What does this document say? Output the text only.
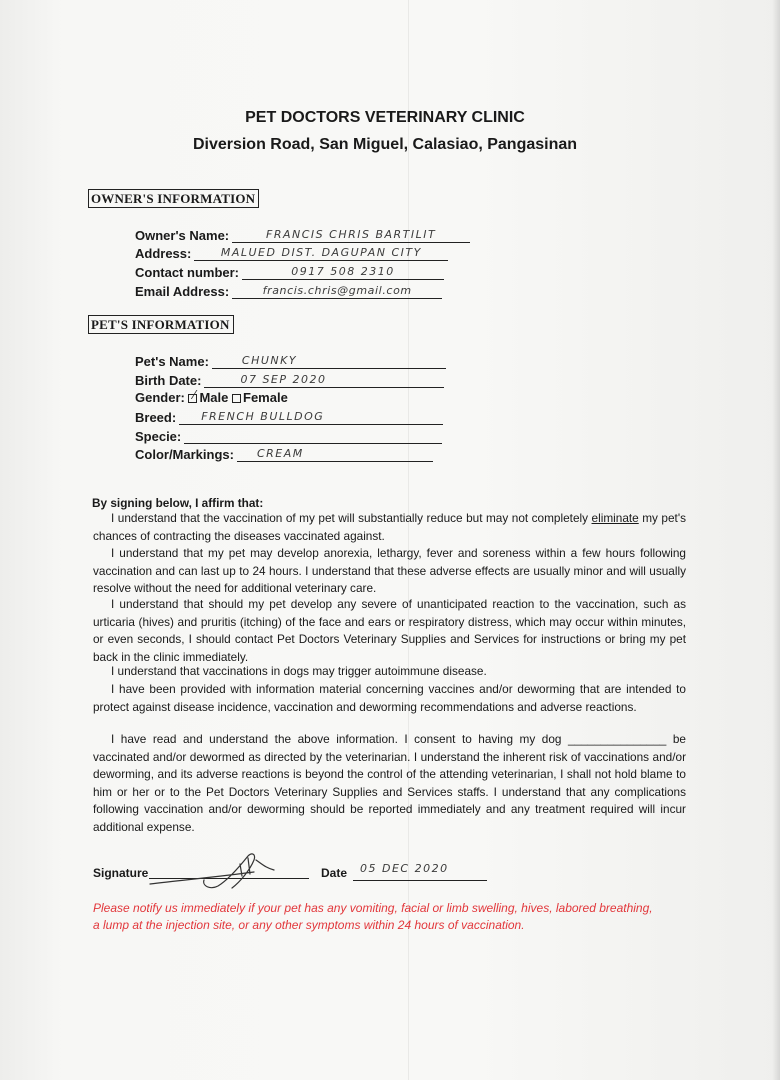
PET DOCTORS VETERINARY CLINIC
Diversion Road, San Miguel, Calasiao, Pangasinan
OWNER'S INFORMATION
Owner's Name:	FRANCIS CHRIS BARTILIT
Address:	MALUED DIST. DAGUPAN CITY
Contact number:	0917 508 2310
Email Address:	francis.chris@gmail.com
PET'S INFORMATION
Pet's Name:	CHUNKY
Birth Date:	07 SEP 2020
Gender: ∕ Male Female
Breed: FRENCH BULLDOG
Specie:
Color/Markings: CREAM
By signing below, I affirm that:
I understand that the vaccination of my pet will substantially reduce but may not completely eliminate my pet's chances of contracting the diseases vaccinated against.
I understand that my pet may develop anorexia, lethargy, fever and soreness within a few hours following vaccination and can last up to 24 hours. I understand that these adverse effects are usually minor and will usually resolve without the need for additional veterinary care.
I understand that should my pet develop any severe of unanticipated reaction to the vaccination, such as urticaria (hives) and pruritis (itching) of the face and ears or respiratory distress, which may occur within minutes, or even seconds, I should contact Pet Doctors Veterinary Supplies and Services for instructions or bring my pet back in the clinic immediately.
I understand that vaccinations in dogs may trigger autoimmune disease.
I have been provided with information material concerning vaccines and/or deworming that are intended to protect against disease incidence, vaccination and deworming recommendations and adverse reactions.
I have read and understand the above information. I consent to having my dog _______________ be vaccinated and/or dewormed as directed by the veterinarian. I understand the inherent risk of vaccinations and/or deworming, and its adverse reactions is beyond the control of the attending veterinarian, I shall not hold blame to him or her or to the Pet Doctors Veterinary Supplies and Services staffs. I understand that any complications following vaccination and/or deworming should be reported immediately and any treatment required will incur additional expense.
Signature	Date 05 DEC 2020
Please notify us immediately if your pet has any vomiting, facial or limb swelling, hives, labored breathing, a lump at the injection site, or any other symptoms within 24 hours of vaccination.
